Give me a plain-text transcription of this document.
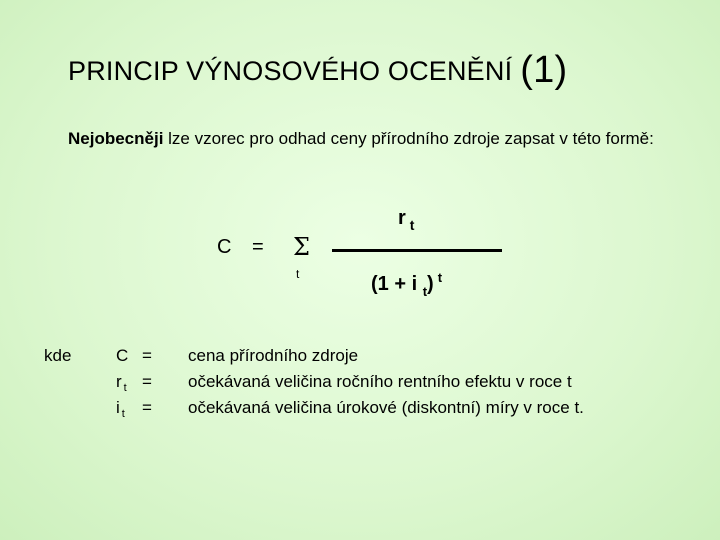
PRINCIP VÝNOSOVÉHO OCENĚNÍ (1)
Nejobecněji lze vzorec pro odhad ceny přírodního zdroje zapsat v této formě:
C = Σ
t
r $_t$
(1 + i $_t$) $^t$
kde	C = cena přírodního zdroje
r $_t$ = očekávaná veličina ročního rentního efektu v roce t
i $_t$ = očekávaná veličina úrokové (diskontní) míry v roce t.
